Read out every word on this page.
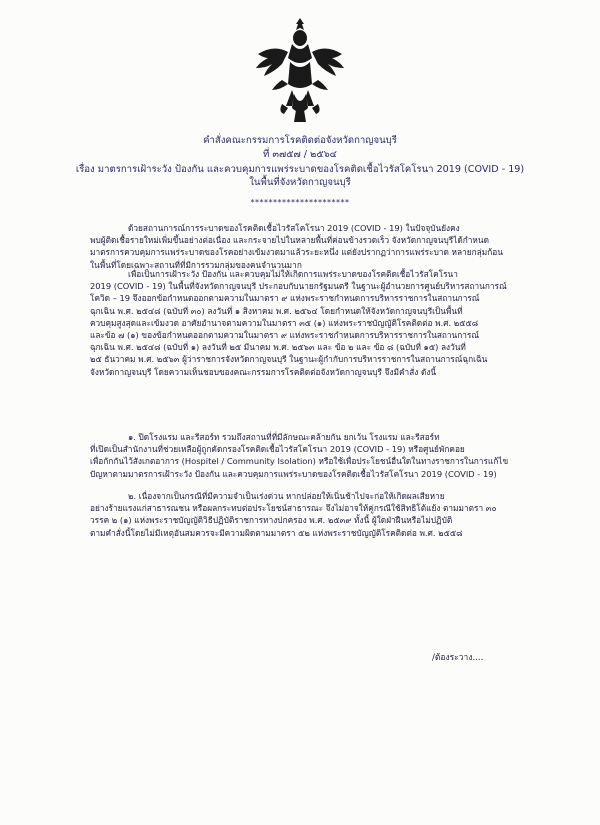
คำสั่งคณะกรรมการโรคติดต่อจังหวัดกาญจนบุรี
ที่ ๓๗๕๗ / ๒๕๖๔
เรื่อง มาตรการเฝ้าระวัง ป้องกัน และควบคุมการแพร่ระบาดของโรคติดเชื้อไวรัสโคโรนา 2019 (COVID - 19)
ในพื้นที่จังหวัดกาญจนบุรี
**********************
ด้วยสถานการณ์การระบาดของโรคติดเชื้อไวรัสโคโรนา 2019 (COVID - 19) ในปัจจุบันยังคง
พบผู้ติดเชื้อรายใหม่เพิ่มขึ้นอย่างต่อเนื่อง และกระจายไปในหลายพื้นที่ค่อนข้างรวดเร็ว จังหวัดกาญจนบุรีได้กำหนด
มาตรการควบคุมการแพร่ระบาดของโรคอย่างเข้มงวดมาแล้วระยะหนึ่ง แต่ยังปรากฏว่าการแพร่ระบาด หลายกลุ่มก้อน
ในพื้นที่โดยเฉพาะสถานที่ที่มีการรวมกลุ่มของคนจำนวนมาก
เพื่อเป็นการเฝ้าระวัง ป้องกัน และควบคุมไม่ให้เกิดการแพร่ระบาดของโรคติดเชื้อไวรัสโคโรนา
2019 (COVID - 19) ในพื้นที่จังหวัดกาญจนบุรี ประกอบกับนายกรัฐมนตรี ในฐานะผู้อำนวยการศูนย์บริหารสถานการณ์
โควิด – 19 จึงออกข้อกำหนดออกตามความในมาตรา ๙ แห่งพระราชกำหนดการบริหารราชการในสถานการณ์
ฉุกเฉิน พ.ศ. ๒๕๔๘ (ฉบับที่ ๓๐) ลงวันที่ ๑ สิงหาคม พ.ศ. ๒๕๖๔ โดยกำหนดให้จังหวัดกาญจนบุรีเป็นพื้นที่
ควบคุมสูงสุดและเข้มงวด อาศัยอำนาจตามความในมาตรา ๓๕ (๑) แห่งพระราชบัญญัติโรคติดต่อ พ.ศ. ๒๕๕๘
และข้อ ๗ (๑) ของข้อกำหนดออกตามความในมาตรา ๙ แห่งพระราชกำหนดการบริหารราชการในสถานการณ์
ฉุกเฉิน พ.ศ. ๒๕๔๘ (ฉบับที่ ๑) ลงวันที่ ๒๕ มีนาคม พ.ศ. ๒๕๖๓ และ ข้อ ๒ และ ข้อ ๘ (ฉบับที่ ๑๕) ลงวันที่
๒๕ ธันวาคม พ.ศ. ๒๕๖๓ ผู้ว่าราชการจังหวัดกาญจนบุรี ในฐานะผู้กำกับการบริหารราชการในสถานการณ์ฉุกเฉิน
จังหวัดกาญจนบุรี โดยความเห็นชอบของคณะกรรมการโรคติดต่อจังหวัดกาญจนบุรี จึงมีคำสั่ง ดังนี้
๑. ปิดโรงแรม และรีสอร์ท รวมถึงสถานที่ที่มีลักษณะคล้ายกัน ยกเว้น โรงแรม และรีสอร์ท
ที่เปิดเป็นสำนักงานที่ช่วยเหลือผู้ถูกคัดกรองโรคติดเชื้อไวรัสโคโรนา 2019 (COVID - 19) หรือศูนย์พักคอย
เพื่อกักกันไว้สังเกตอาการ (Hospitel / Community Isolation) หรือใช้เพื่อประโยชน์อื่นใดในทางราชการในการแก้ไข
ปัญหาตามมาตรการเฝ้าระวัง ป้องกัน และควบคุมการแพร่ระบาดของโรคติดเชื้อไวรัสโคโรนา 2019 (COVID - 19)
๒. เนื่องจากเป็นกรณีที่มีความจำเป็นเร่งด่วน หากปล่อยให้เนิ่นช้าไปจะก่อให้เกิดผลเสียหาย
อย่างร้ายแรงแก่สาธารณชน หรือผลกระทบต่อประโยชน์สาธารณะ จึงไม่อาจให้คู่กรณีใช้สิทธิโต้แย้ง ตามมาตรา ๓๐
วรรค ๒ (๑) แห่งพระราชบัญญัติวิธีปฏิบัติราชการทางปกครอง พ.ศ. ๒๕๓๙ ทั้งนี้ ผู้ใดฝ่าฝืนหรือไม่ปฏิบัติ
ตามคำสั่งนี้โดยไม่มีเหตุอันสมควรจะมีความผิดตามมาตรา ๕๒ แห่งพระราชบัญญัติโรคติดต่อ พ.ศ. ๒๕๕๘
/ต้องระวาง....
